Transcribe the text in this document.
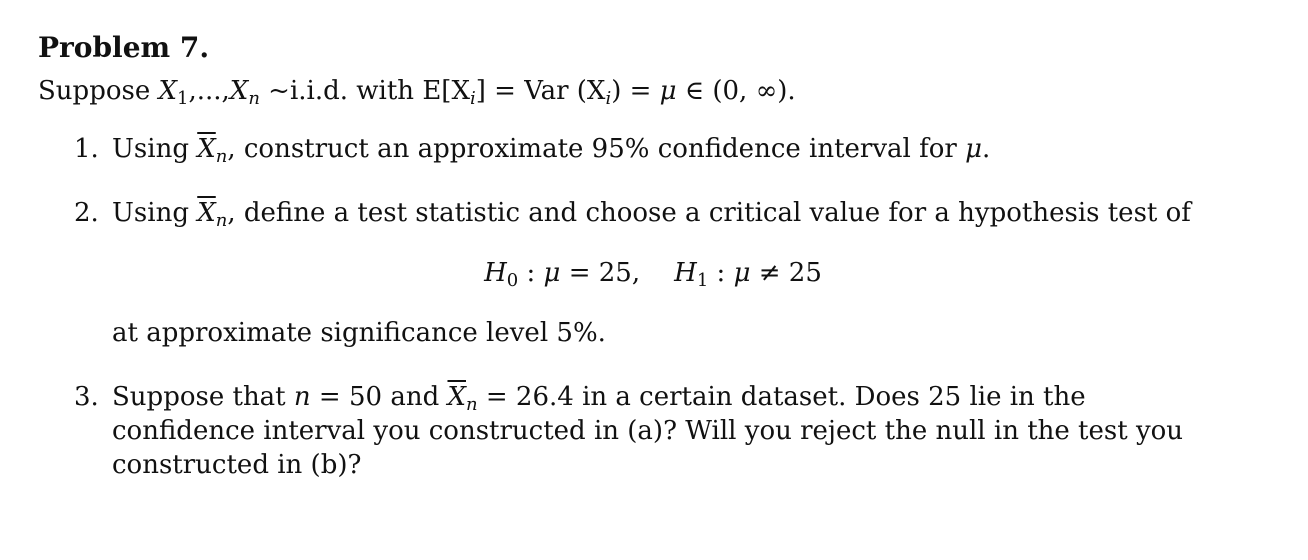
Problem 7.

Suppose $X_1,...,X_n$ ~i.i.d. with $E[X_i]$ = Var $(X_i) = \mu$ ∈ (0, ∞).

1. Using $\overline{X}_n$, construct an approximate 95% confidence interval for μ.
2. Using $\overline{X}_n$, define a test statistic and choose a critical value for a hypothesis test of
$H_0$ : μ = 25, $H_1$ : μ ≠ 25
at approximate significance level 5%.
3. Suppose that n = 50 and $\overline{X}_n = 26.4$ in a certain dataset. Does 25 lie in the confidence interval you constructed in (a)? Will you reject the null in the test you constructed in (b)?
